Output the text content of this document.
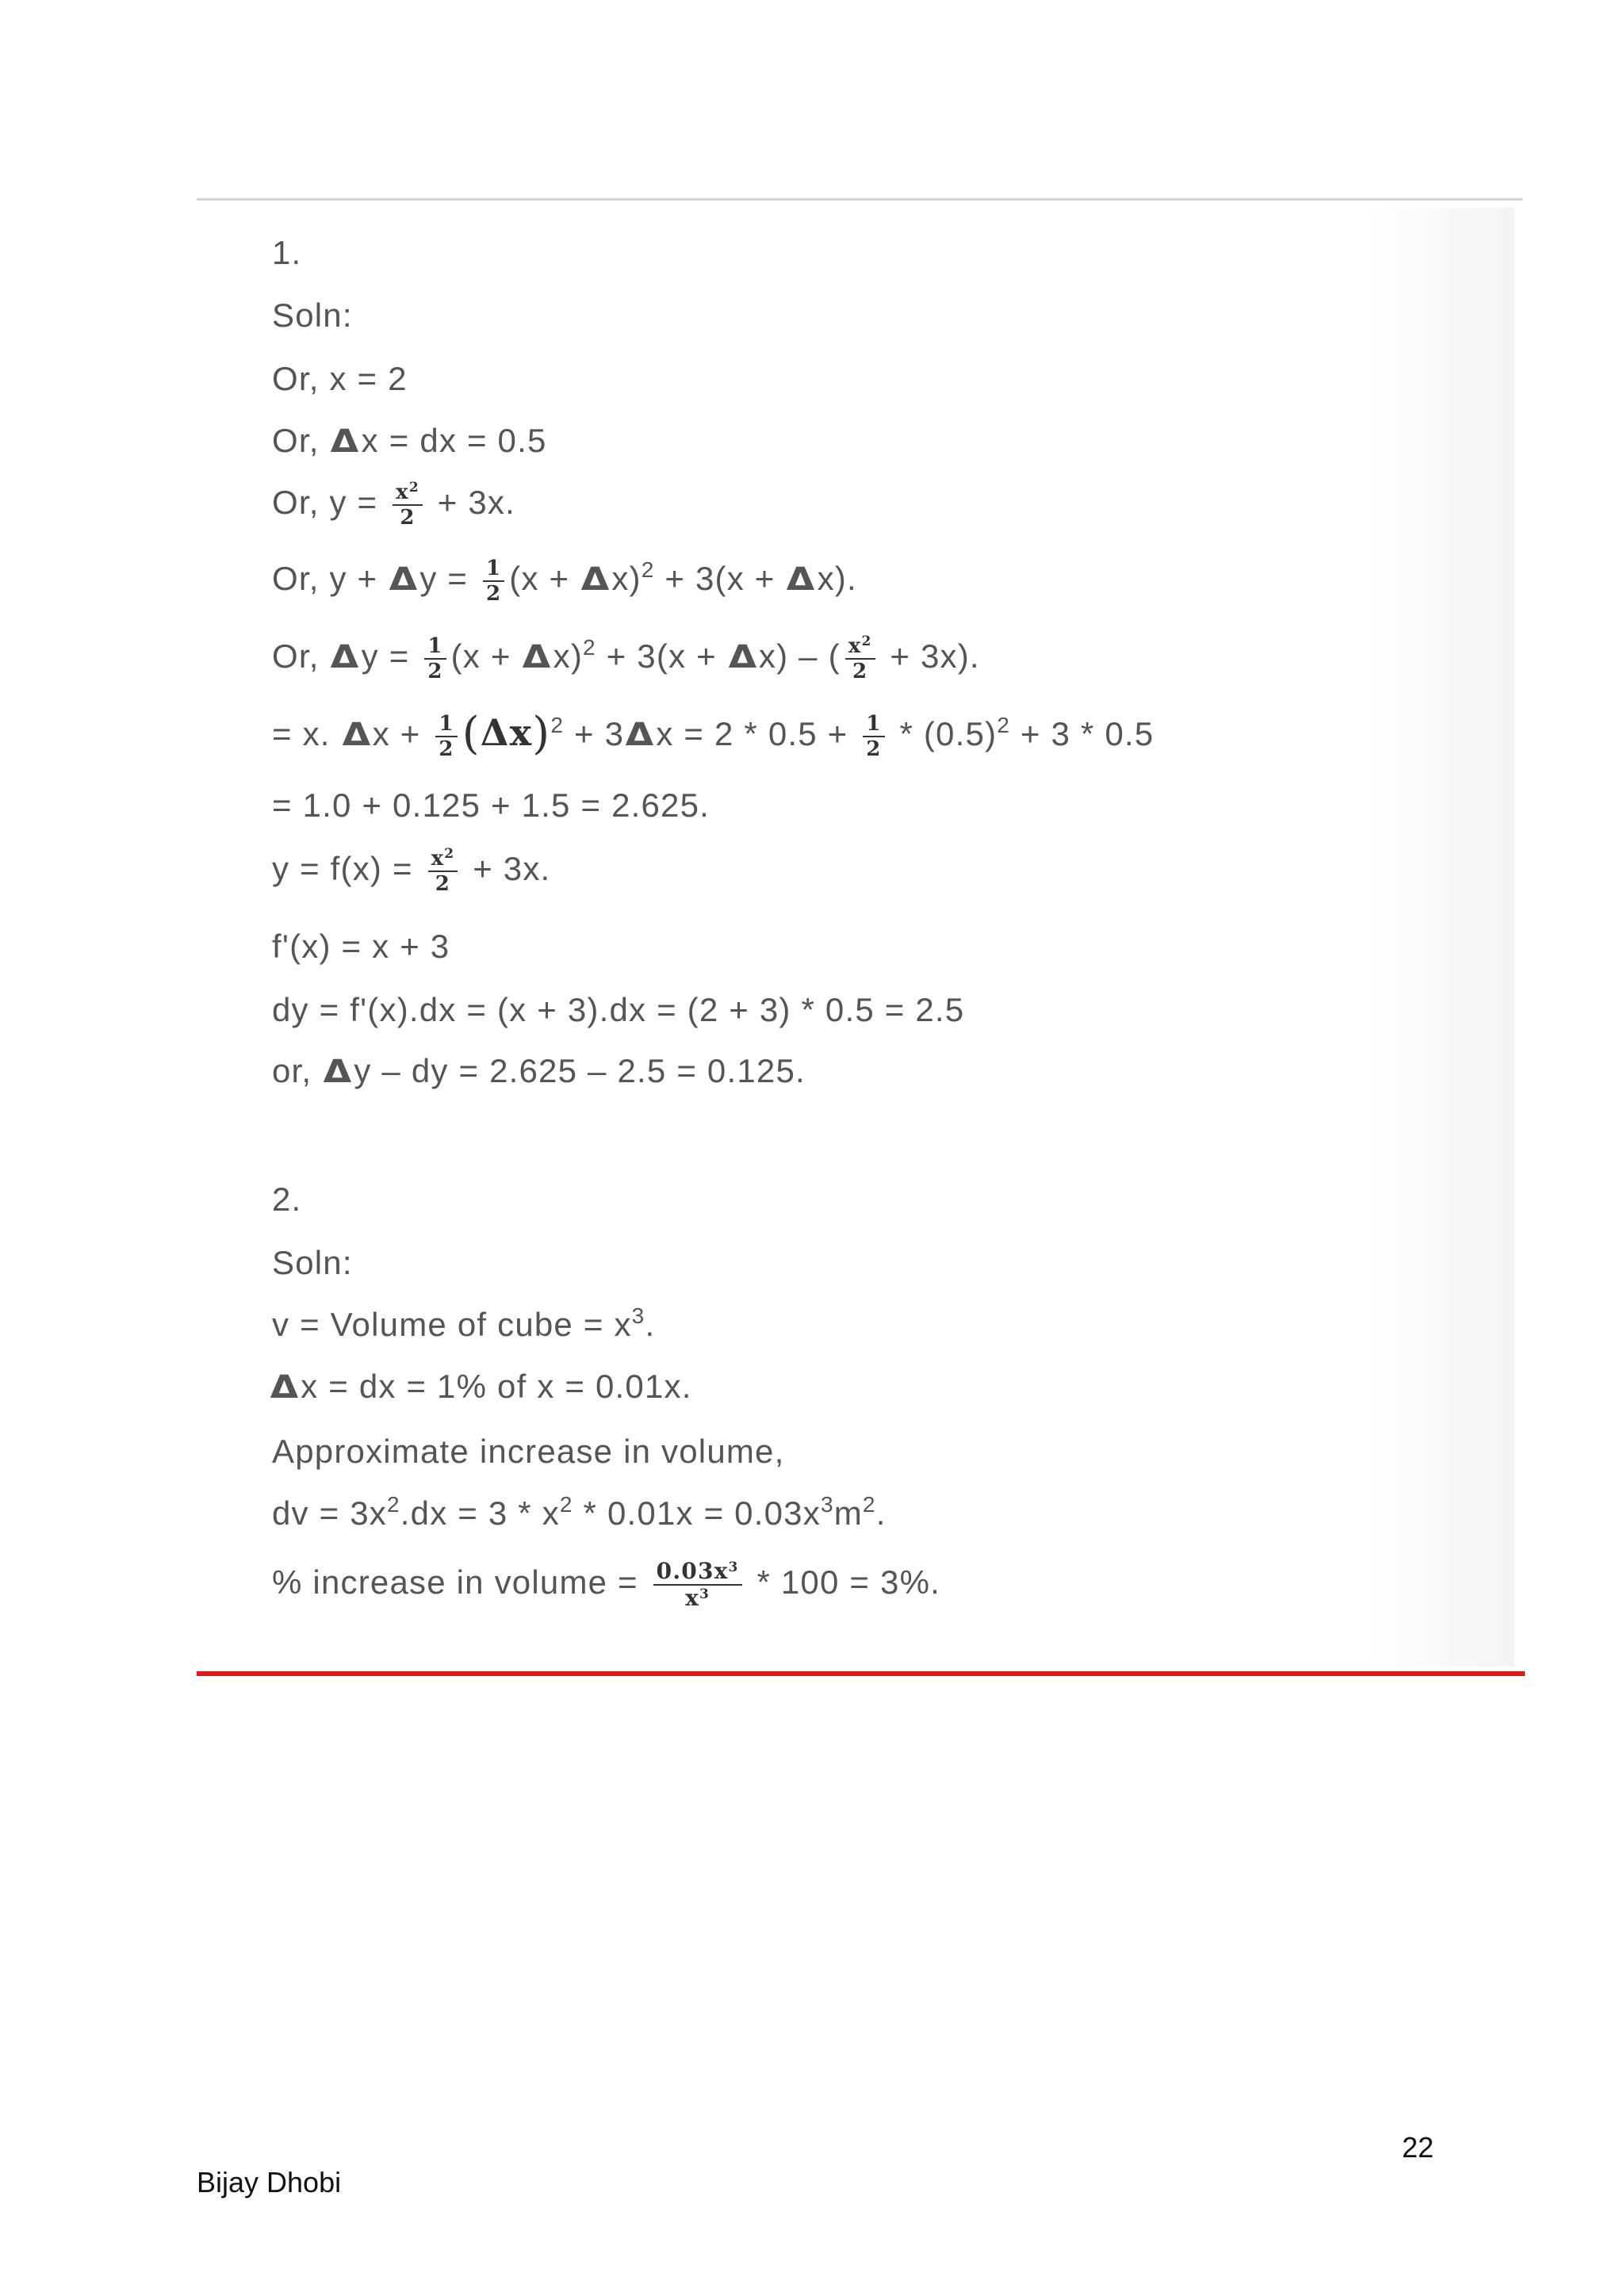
1.
Soln:
Or, x = 2
Or, Δx = dx = 0.5
Or, $y = \frac{x^2}{2} + 3x$.
Or, $y + \Delta y = \frac{1}{2} (x + \Delta x)^2 + 3(x + \Delta x)$.
Or, $\Delta y = \frac{1}{2} (x + \Delta x)^2 + 3(x + \Delta x)$ – ( $\frac{x^2}{2} + 3x$).
= x. $\Delta x + \frac{1}{2} (\Delta x)^2 + 3\Delta x = 2 * 0.5 + \frac{1}{2} * (0.5)^2 + 3 * 0.5$
= 1.0 + 0.125 + 1.5 = 2.625.
$y = f(x) = \frac{x^2}{2} + 3x$.
f'(x) = x + 3
dy = f'(x).dx = (x + 3).dx = (2 + 3) * 0.5 = 2.5
or, Δy – dy = 2.625 – 2.5 = 0.125.
2.
Soln:
v = Volume of cube = $x^3$.
Δx = dx = 1% of x = 0.01x.
Approximate increase in volume,
dv = $3x^2.dx = 3 * x^2 * 0.01x = 0.03x^3m^2$.
% increase in volume = $\frac{0.03x^3}{x^3} * 100 = 3\%$.
22
Bijay Dhobi
